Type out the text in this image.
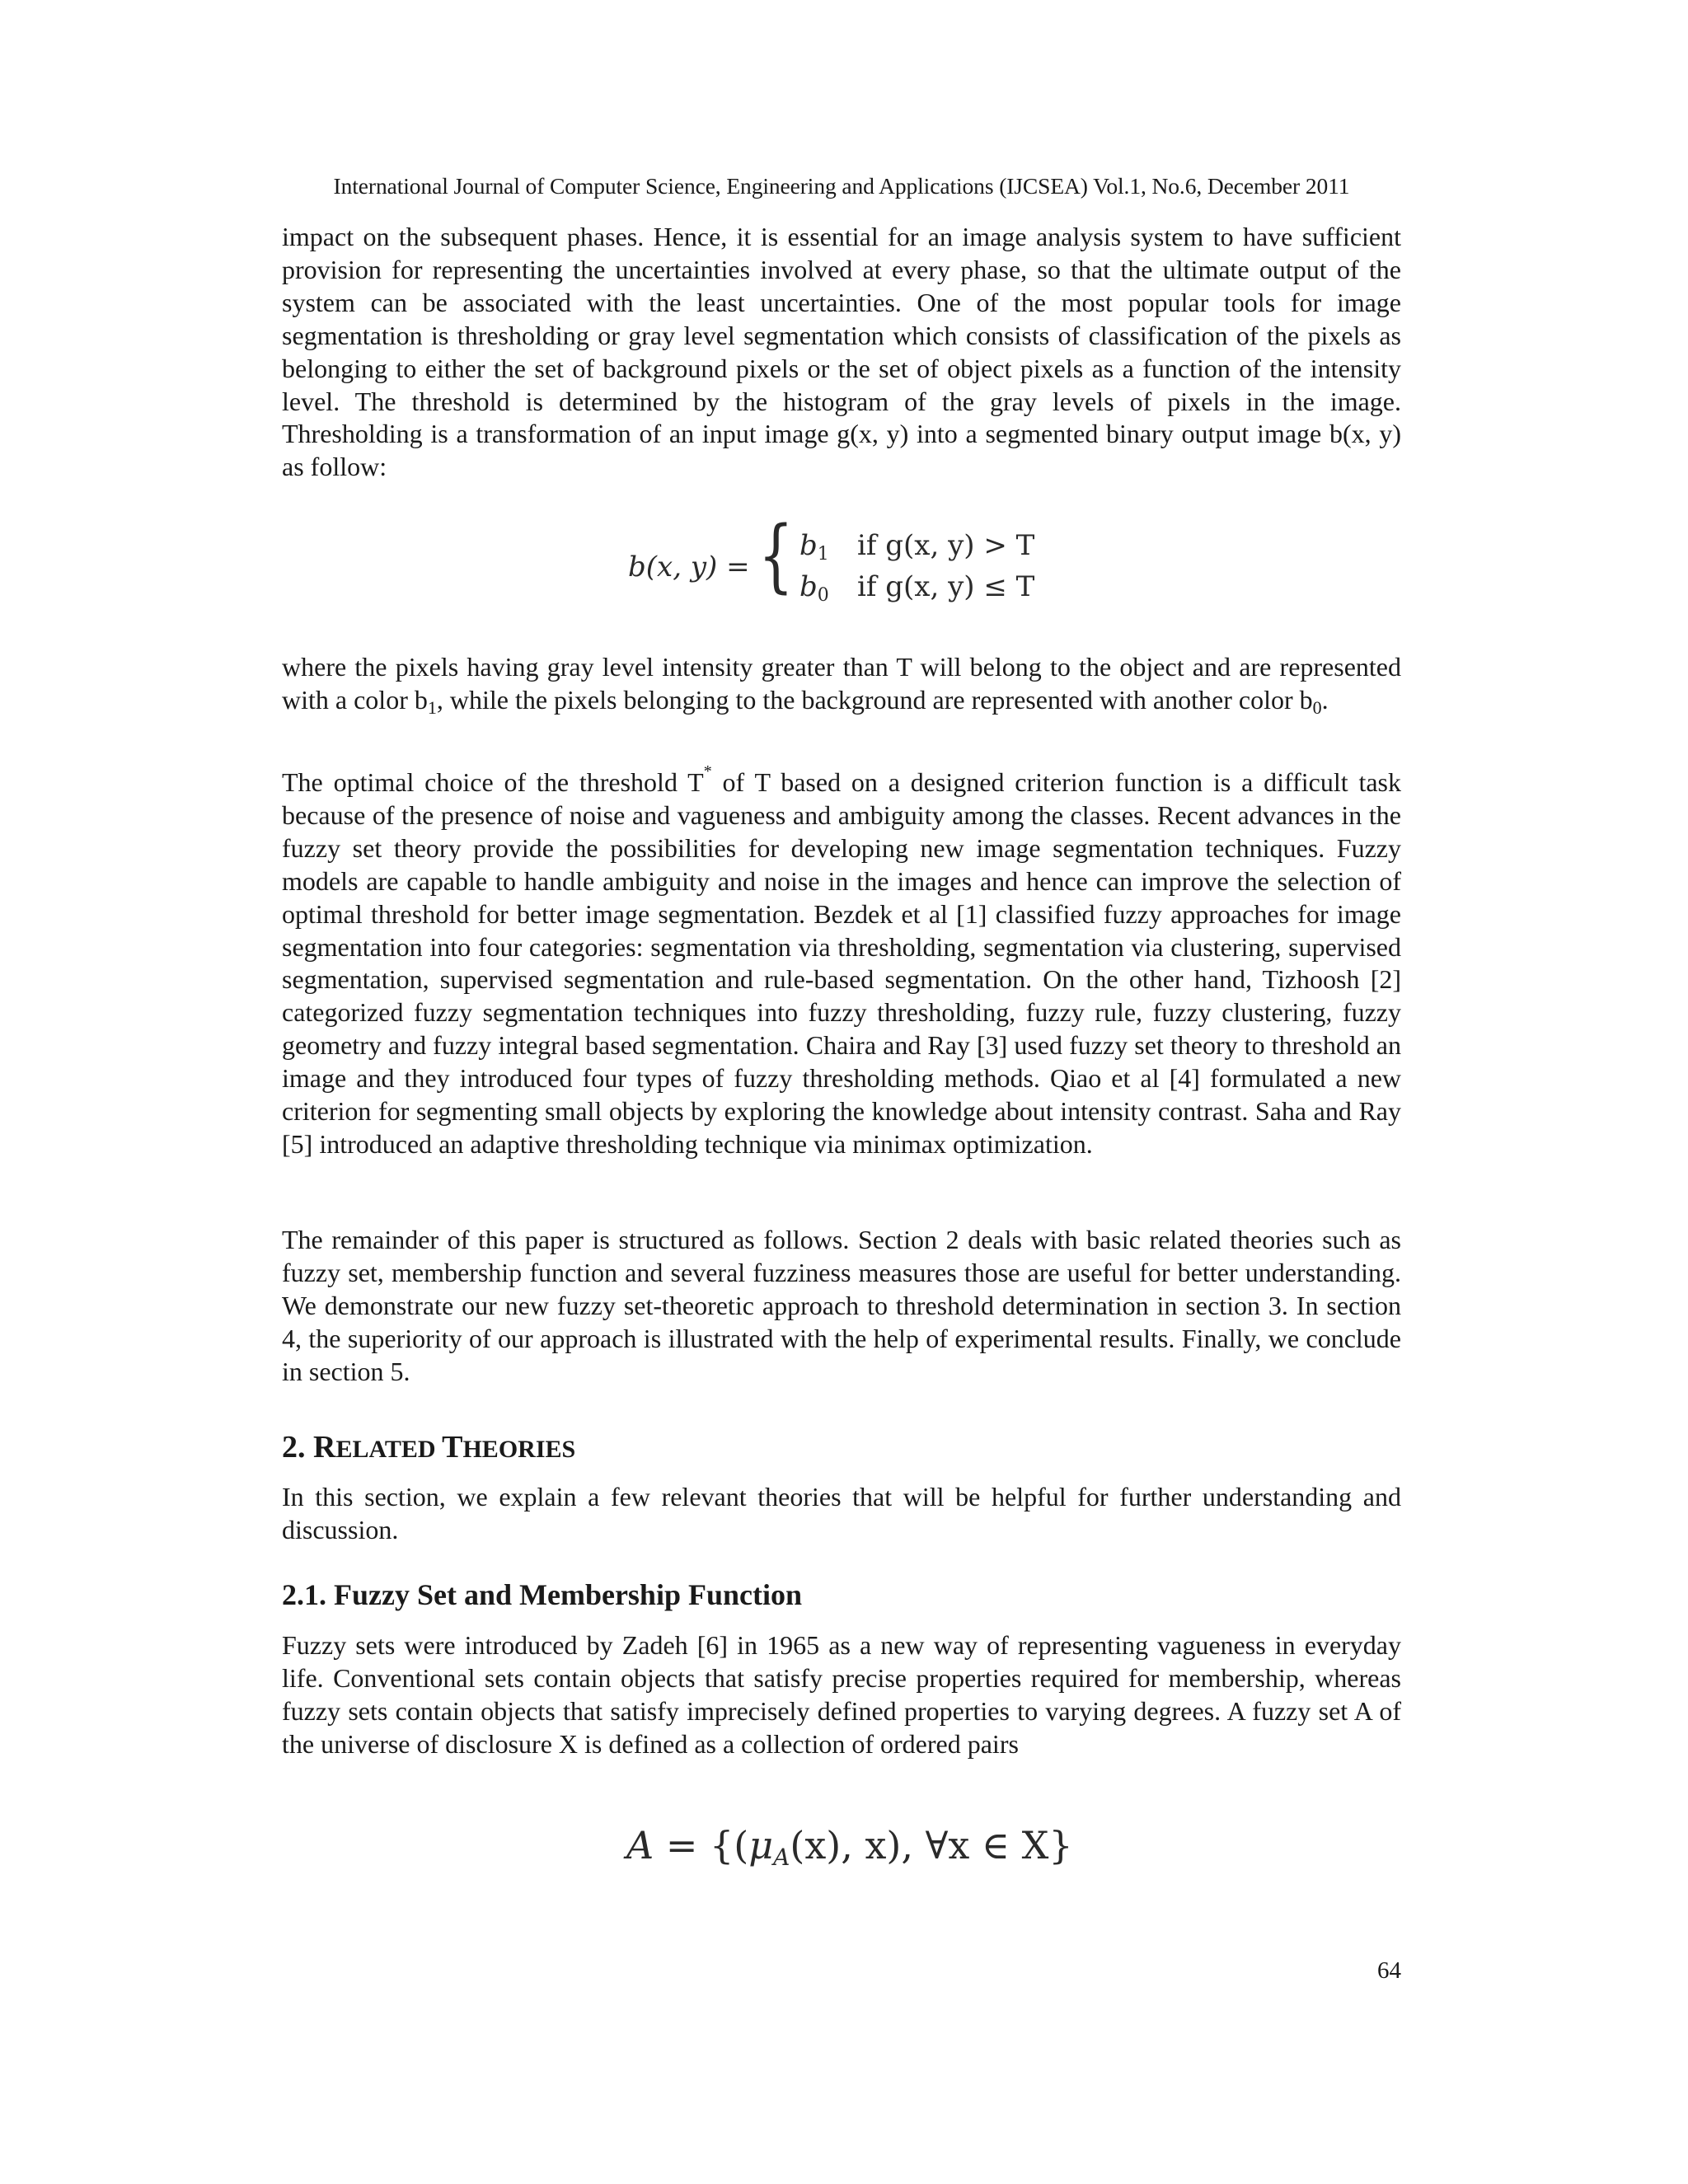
International Journal of Computer Science, Engineering and Applications (IJCSEA) Vol.1, No.6, December 2011

impact on the subsequent phases. Hence, it is essential for an image analysis system to have sufficient provision for representing the uncertainties involved at every phase, so that the ultimate output of the system can be associated with the least uncertainties. One of the most popular tools for image segmentation is thresholding or gray level segmentation which consists of classification of the pixels as belonging to either the set of background pixels or the set of object pixels as a function of the intensity level. The threshold is determined by the histogram of the gray levels of pixels in the image. Thresholding is a transformation of an input image g(x, y) into a segmented binary output image b(x, y) as follow:

b(x, y) = { $b_1$ if g(x, y) > T
$b_0$ if g(x, y) ≤ T

where the pixels having gray level intensity greater than T will belong to the object and are represented with a color $b_1$, while the pixels belonging to the background are represented with another color $b_0$.

The optimal choice of the threshold T* of T based on a designed criterion function is a difficult task because of the presence of noise and vagueness and ambiguity among the classes. Recent advances in the fuzzy set theory provide the possibilities for developing new image segmentation techniques. Fuzzy models are capable to handle ambiguity and noise in the images and hence can improve the selection of optimal threshold for better image segmentation. Bezdek et al [1] classified fuzzy approaches for image segmentation into four categories: segmentation via thresholding, segmentation via clustering, supervised segmentation, supervised segmentation and rule-based segmentation. On the other hand, Tizhoosh [2] categorized fuzzy segmentation techniques into fuzzy thresholding, fuzzy rule, fuzzy clustering, fuzzy geometry and fuzzy integral based segmentation. Chaira and Ray [3] used fuzzy set theory to threshold an image and they introduced four types of fuzzy thresholding methods. Qiao et al [4] formulated a new criterion for segmenting small objects by exploring the knowledge about intensity contrast. Saha and Ray [5] introduced an adaptive thresholding technique via minimax optimization.

The remainder of this paper is structured as follows. Section 2 deals with basic related theories such as fuzzy set, membership function and several fuzziness measures those are useful for better understanding. We demonstrate our new fuzzy set-theoretic approach to threshold determination in section 3. In section 4, the superiority of our approach is illustrated with the help of experimental results. Finally, we conclude in section 5.

2. RELATED THEORIES

In this section, we explain a few relevant theories that will be helpful for further understanding and discussion.

2.1. Fuzzy Set and Membership Function

Fuzzy sets were introduced by Zadeh [6] in 1965 as a new way of representing vagueness in everyday life. Conventional sets contain objects that satisfy precise properties required for membership, whereas fuzzy sets contain objects that satisfy imprecisely defined properties to varying degrees. A fuzzy set A of the universe of disclosure X is defined as a collection of ordered pairs

$A = \{(\mu_A(x)$, x), ∀x ∈ X}
64
